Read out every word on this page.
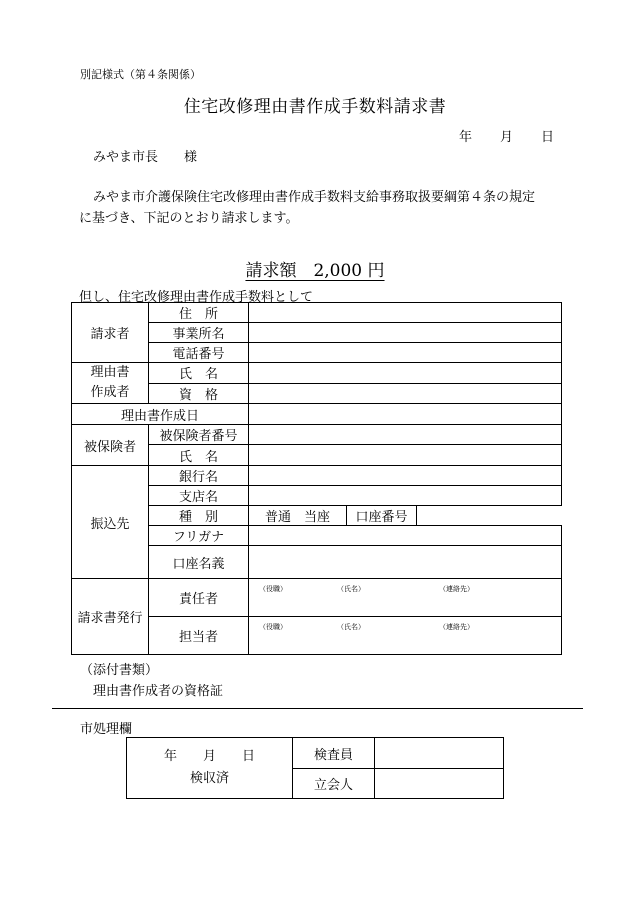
別記様式（第４条関係）
住宅改修理由書作成手数料請求書
年 月 日
みやま市長　　様
みやま市介護保険住宅改修理由書作成手数料支給事務取扱要綱第４条の規定
に基づき、下記のとおり請求します。
請求額　2,000 円
但し、住宅改修理由書作成手数料として
請求者	住　所			
	事業所名			
	電話番号			
理由書
作成者	氏　名			
	資　格			
理由書作成日				
被保険者	被保険者番号			
	氏　名			
振込先	銀行名			
	支店名			
	種　別	普通　当座	口座番号	
	フリガナ			
	口座名義			
請求書発行	責任者	（役職） （氏名） （連絡先）		

	担当者	（役職） （氏名） （連絡先）		
（添付書類）
理由書作成者の資格証
市処理欄
年　　月　　日
検収済	検査員	
	立会人	
